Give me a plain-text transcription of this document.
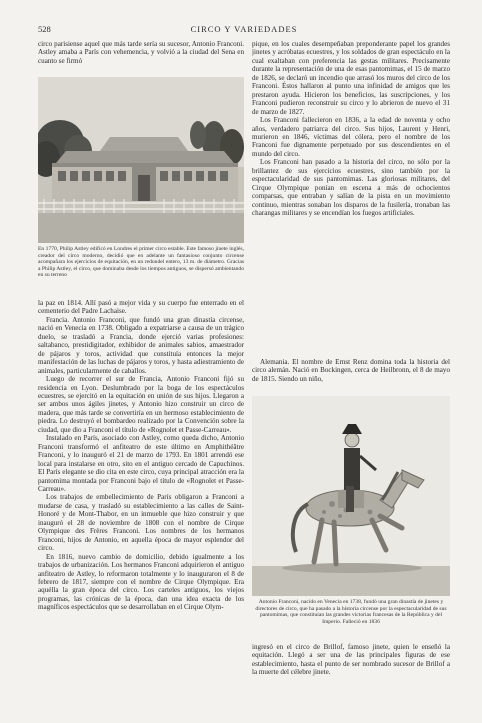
528	CIRCO Y VARIEDADES

circo parisiense aquel que más tarde sería su sucesor, Antonio Franconi. Astley amaba a París con vehemencia, y volvió a la ciudad del Sena en cuanto se firmó

En 1770, Philip Astley edificó en Londres el primer circo estable. Este famoso jinete inglés, creador del circo moderno, decidió que en adelante un fantasioso conjunto circense acompañara los ejercicios de equitación, en un redondel entero, 13 m. de diámetro. Gracias a Philip Astley, el circo, que dominaba desde los tiempos antiguos, se dispersó ambientando en su terreno

pique, en los cuales desempeñaban preponderante papel los grandes jinetes y acróbatas ecuestres, y los soldados de gran espectáculo en la cual exaltaban con preferencia las gestas militares. Precisamente durante la representación de una de esas pantomimas, el 15 de marzo de 1826, se declaró un incendio que arrasó los muros del circo de los Franconi. Éstos hallaron al punto una infinidad de amigos que les prestaron ayuda. Hicieron los beneficios, las suscripciones, y los Franconi pudieron reconstruir su circo y lo abrieron de nuevo el 31 de marzo de 1827.

Los Franconi fallecieron en 1836, a la edad de noventa y ocho años, verdadero patriarca del circo. Sus hijos, Laurent y Henri, murieron en 1846, víctimas del cólera, pero el nombre de los Franconi fue dignamente perpetuado por sus descendientes en el mundo del circo.

Los Franconi han pasado a la historia del circo, no sólo por la brillantez de sus ejercicios ecuestres, sino también por la espectacularidad de sus pantomimas. Las gloriosas militares, del Cirque Olympique ponían en escena a más de ochocientos comparsas, que entraban y salían de la pista en un movimiento continuo, mientras sonaban los disparos de la fusilería, tronaban las charangas militares y se encendían los fuegos artificiales.

la paz en 1814. Allí pasó a mejor vida y su cuerpo fue enterrado en el cementerio del Padre Lachaise.

Francia. Antonio Franconi, que fundó una gran dinastía circense, nació en Venecia en 1738. Obligado a expatriarse a causa de un trágico duelo, se trasladó a Francia, donde ejerció varias profesiones: saltabanco, prestidigitador, exhibidor de animales sabios, amaestrador de pájaros y toros, actividad que constituía entonces la mejor manifestación de las luchas de pájaros y toros, y hasta adiestramiento de animales, particularmente de caballos.

Luego de recorrer el sur de Francia, Antonio Franconi fijó su residencia en Lyon. Deslumbrado por la boga de los espectáculos ecuestres, se ejercitó en la equitación en unión de sus hijos. Llegaron a ser ambos unos ágiles jinetes, y Antonio hizo construir un circo de madera, que más tarde se convertiría en un hermoso establecimiento de piedra. Lo destruyó el bombardeo realizado por la Convención sobre la ciudad, que dio a Franconi el título de «Rognolet et Passe-Carreau».

Instalado en París, asociado con Astley, como queda dicho, Antonio Franconi transformó el anfiteatro de este último en Amphithéâtre Franconi, y lo inauguró el 21 de marzo de 1793. En 1801 arrendó ese local para instalarse en otro, sito en el antiguo cercado de Capuchinos. El París elegante se dio cita en este circo, cuya principal atracción era la pantomima montada por Franconi bajo el título de «Rognolet et Passe-Carreau».

Los trabajos de embellecimiento de París obligaron a Franconi a mudarse de casa, y trasladó su establecimiento a las calles de Saint-Honoré y de Mont-Thabor, en un inmueble que hizo construir y que inauguró el 28 de noviembre de 1808 con el nombre de Cirque Olympique des Frères Franconi. Los nombres de los hermanos Franconi, hijos de Antonio, en aquella época de mayor esplendor del circo.

En 1816, nuevo cambio de domicilio, debido igualmente a los trabajos de urbanización. Los hermanos Franconi adquirieron el antiguo anfiteatro de Astley, lo reformaron totalmente y lo inauguraron el 8 de febrero de 1817, siempre con el nombre de Cirque Olympique. Era aquélla la gran época del circo. Los carteles antiguos, los viejos programas, las crónicas de la época, dan una idea exacta de los magníficos espectáculos que se desarrollaban en el Cirque Olym-

Alemania. El nombre de Ernst Renz domina toda la historia del circo alemán. Nació en Bockingen, cerca de Heilbronn, el 8 de mayo de 1815. Siendo un niño,

Antonio Franconi, nacido en Venecia en 1738, fundó una gran dinastía de jinetes y directores de circo, que ha pasado a la historia circense por la espectacularidad de sus pantomimas, que constituían las grandes victorias francesas de la República y del Imperio. Falleció en 1836

ingresó en el circo de Brillof, famoso jinete, quien le enseñó la equitación. Llegó a ser una de las principales figuras de ese establecimiento, hasta el punto de ser nombrado sucesor de Brillof a la muerte del célebre jinete.
